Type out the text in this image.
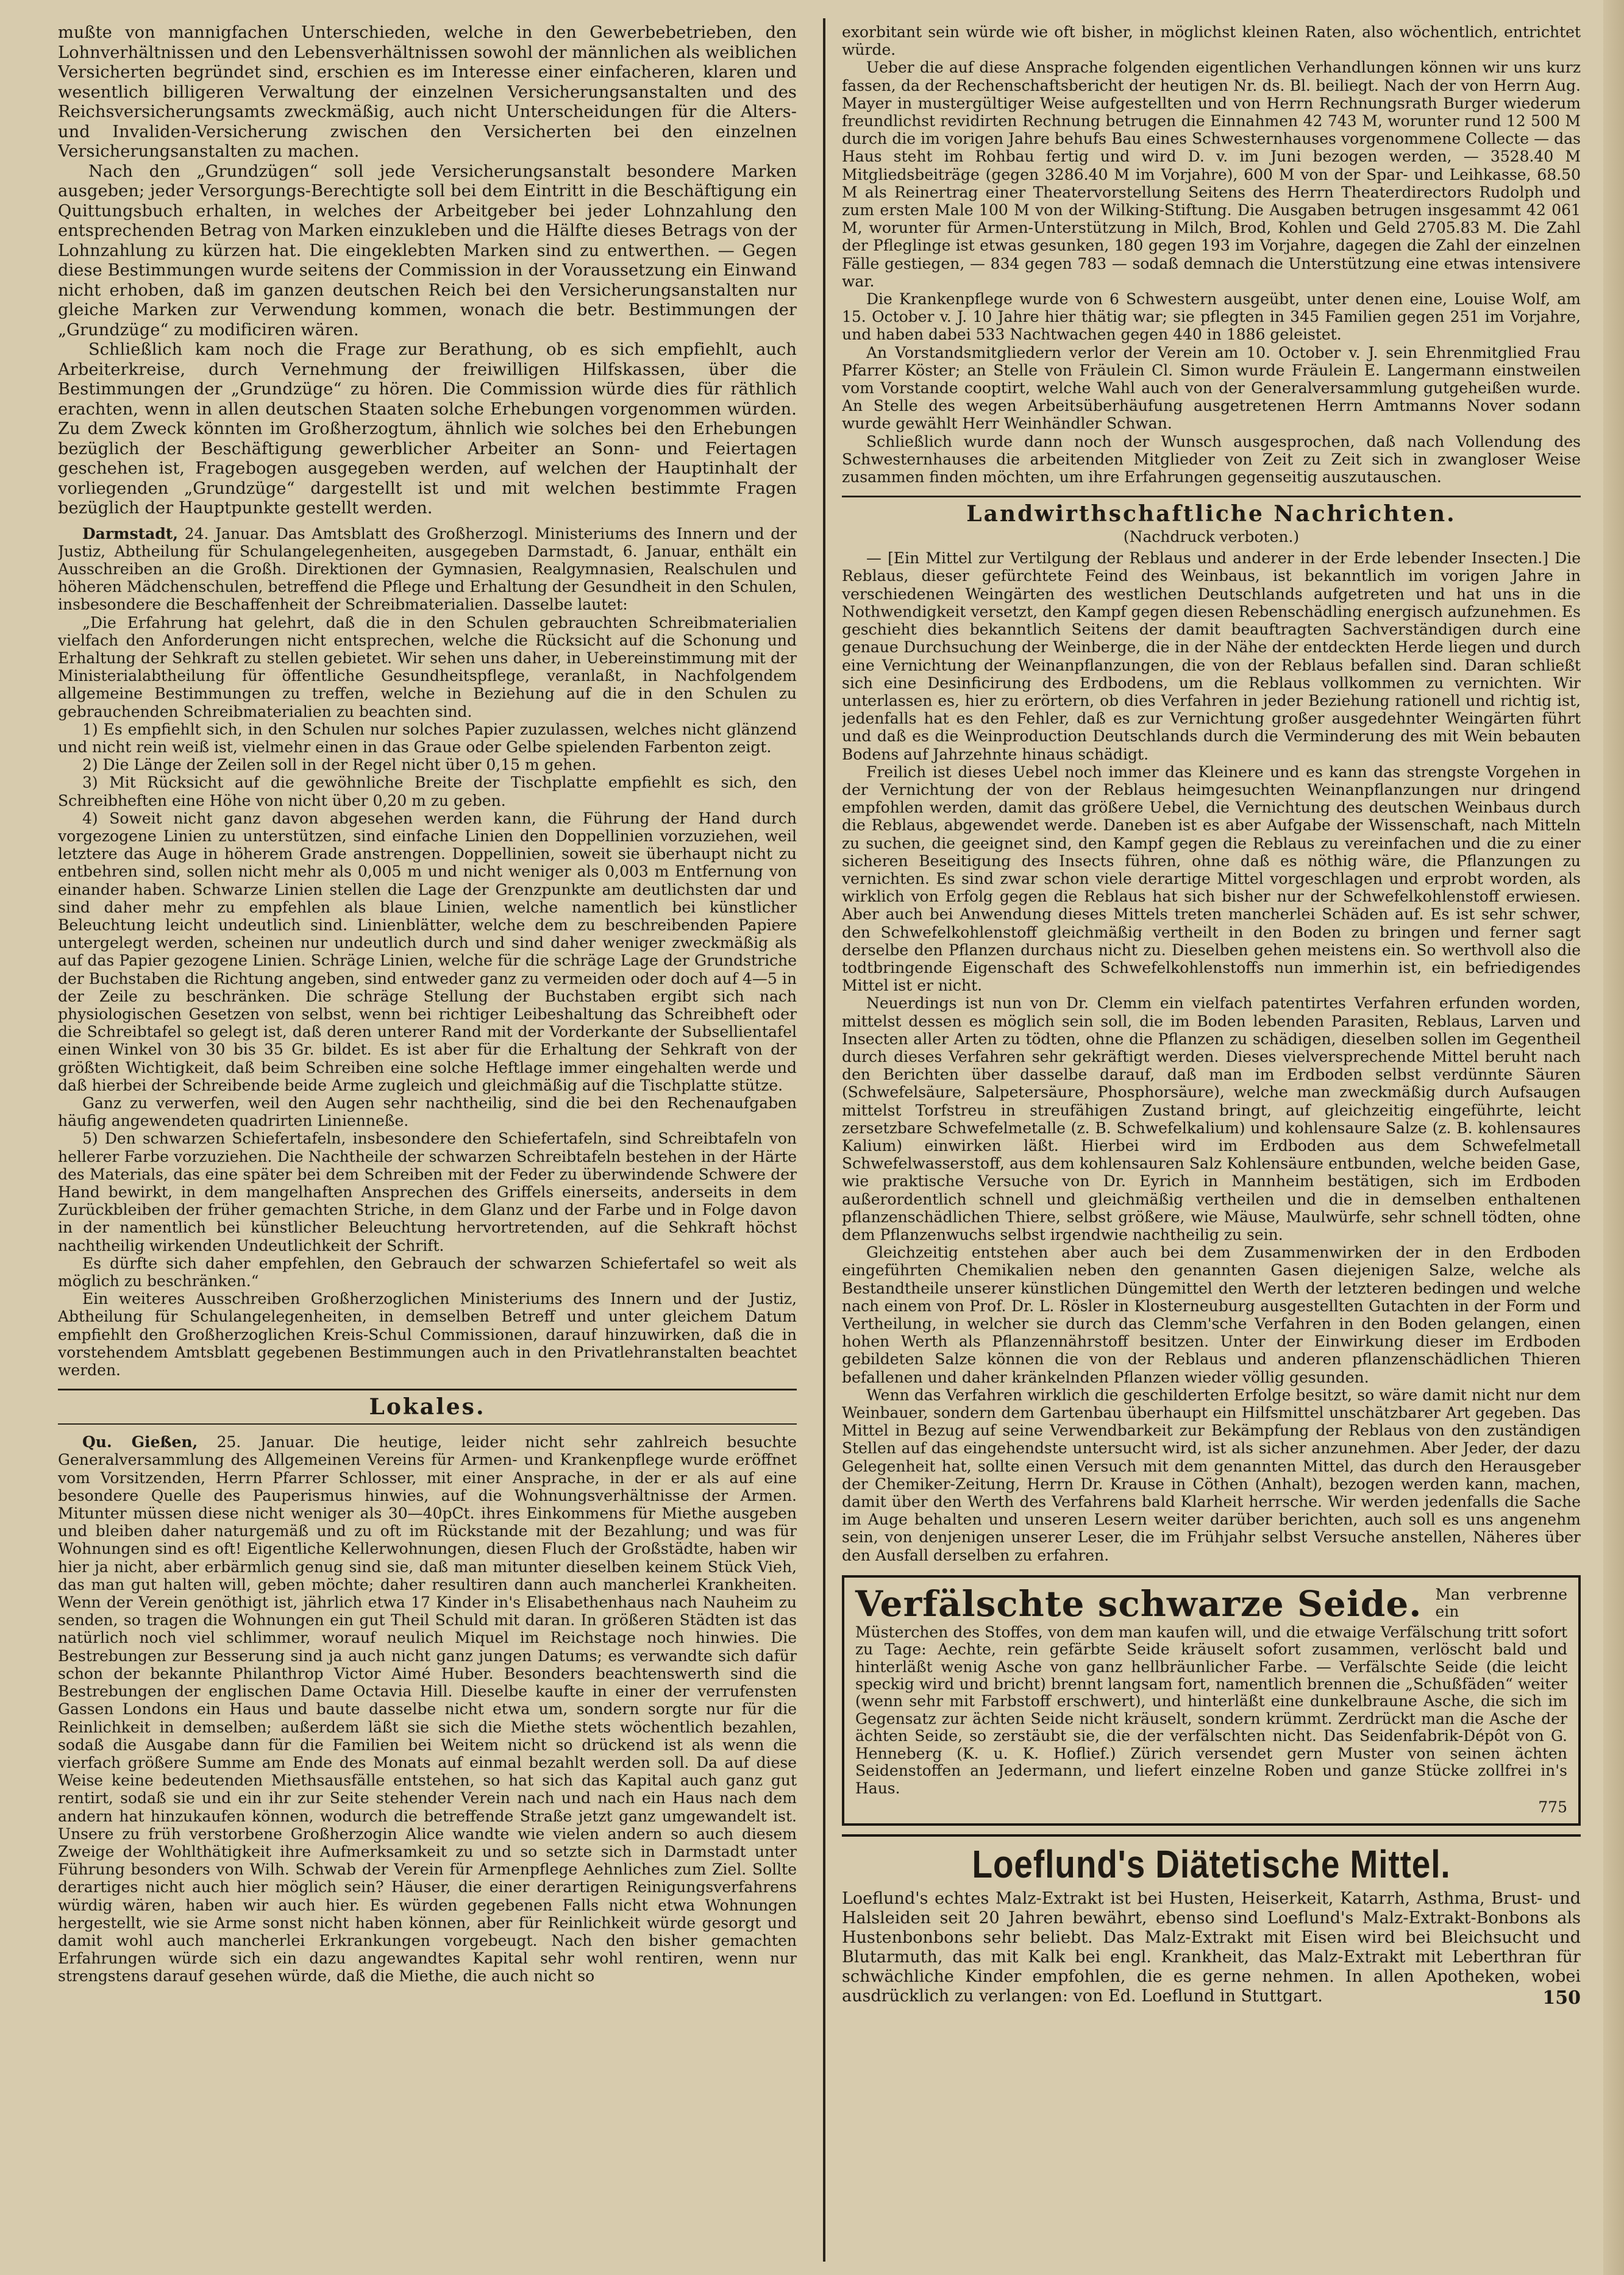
mußte von mannigfachen Unterschieden, welche in den Gewerbebetrieben, den Lohnverhältnissen und den Lebensverhältnissen sowohl der männlichen als weiblichen Versicherten begründet sind, erschien es im Interesse einer einfacheren, klaren und wesentlich billigeren Verwaltung der einzelnen Versicherungsanstalten und des Reichsversicherungsamts zweckmäßig, auch nicht Unterscheidungen für die Alters- und Invaliden-Versicherung zwischen den Versicherten bei den einzelnen Versicherungsanstalten zu machen.

Nach den „Grundzügen“ soll jede Versicherungsanstalt besondere Marken ausgeben; jeder Versorgungs-Berechtigte soll bei dem Eintritt in die Beschäftigung ein Quittungsbuch erhalten, in welches der Arbeitgeber bei jeder Lohnzahlung den entsprechenden Betrag von Marken einzukleben und die Hälfte dieses Betrags von der Lohnzahlung zu kürzen hat. Die eingeklebten Marken sind zu entwerthen. — Gegen diese Bestimmungen wurde seitens der Commission in der Voraussetzung ein Einwand nicht erhoben, daß im ganzen deutschen Reich bei den Versicherungsanstalten nur gleiche Marken zur Verwendung kommen, wonach die betr. Bestimmungen der „Grundzüge“ zu modificiren wären.

Schließlich kam noch die Frage zur Berathung, ob es sich empfiehlt, auch Arbeiterkreise, durch Vernehmung der freiwilligen Hilfskassen, über die Bestimmungen der „Grundzüge“ zu hören. Die Commission würde dies für räthlich erachten, wenn in allen deutschen Staaten solche Erhebungen vorgenommen würden. Zu dem Zweck könnten im Großherzogtum, ähnlich wie solches bei den Erhebungen bezüglich der Beschäftigung gewerblicher Arbeiter an Sonn- und Feiertagen geschehen ist, Fragebogen ausgegeben werden, auf welchen der Hauptinhalt der vorliegenden „Grundzüge“ dargestellt ist und mit welchen bestimmte Fragen bezüglich der Hauptpunkte gestellt werden.

Darmstadt, 24. Januar. Das Amtsblatt des Großherzogl. Ministeriums des Innern und der Justiz, Abtheilung für Schulangelegenheiten, ausgegeben Darmstadt, 6. Januar, enthält ein Ausschreiben an die Großh. Direktionen der Gymnasien, Realgymnasien, Realschulen und höheren Mädchenschulen, betreffend die Pflege und Erhaltung der Gesundheit in den Schulen, insbesondere die Beschaffenheit der Schreibmaterialien. Dasselbe lautet:

„Die Erfahrung hat gelehrt, daß die in den Schulen gebrauchten Schreibmaterialien vielfach den Anforderungen nicht entsprechen, welche die Rücksicht auf die Schonung und Erhaltung der Sehkraft zu stellen gebietet. Wir sehen uns daher, in Uebereinstimmung mit der Ministerialabtheilung für öffentliche Gesundheitspflege, veranlaßt, in Nachfolgendem allgemeine Bestimmungen zu treffen, welche in Beziehung auf die in den Schulen zu gebrauchenden Schreibmaterialien zu beachten sind.

1) Es empfiehlt sich, in den Schulen nur solches Papier zuzulassen, welches nicht glänzend und nicht rein weiß ist, vielmehr einen in das Graue oder Gelbe spielenden Farbenton zeigt.

2) Die Länge der Zeilen soll in der Regel nicht über 0,15 m gehen.

3) Mit Rücksicht auf die gewöhnliche Breite der Tischplatte empfiehlt es sich, den Schreibheften eine Höhe von nicht über 0,20 m zu geben.

4) Soweit nicht ganz davon abgesehen werden kann, die Führung der Hand durch vorgezogene Linien zu unterstützen, sind einfache Linien den Doppellinien vorzuziehen, weil letztere das Auge in höherem Grade anstrengen. Doppellinien, soweit sie überhaupt nicht zu entbehren sind, sollen nicht mehr als 0,005 m und nicht weniger als 0,003 m Entfernung von einander haben. Schwarze Linien stellen die Lage der Grenzpunkte am deutlichsten dar und sind daher mehr zu empfehlen als blaue Linien, welche namentlich bei künstlicher Beleuchtung leicht undeutlich sind. Linienblätter, welche dem zu beschreibenden Papiere untergelegt werden, scheinen nur undeutlich durch und sind daher weniger zweckmäßig als auf das Papier gezogene Linien. Schräge Linien, welche für die schräge Lage der Grundstriche der Buchstaben die Richtung angeben, sind entweder ganz zu vermeiden oder doch auf 4—5 in der Zeile zu beschränken. Die schräge Stellung der Buchstaben ergibt sich nach physiologischen Gesetzen von selbst, wenn bei richtiger Leibeshaltung das Schreibheft oder die Schreibtafel so gelegt ist, daß deren unterer Rand mit der Vorderkante der Subsellientafel einen Winkel von 30 bis 35 Gr. bildet. Es ist aber für die Erhaltung der Sehkraft von der größten Wichtigkeit, daß beim Schreiben eine solche Heftlage immer eingehalten werde und daß hierbei der Schreibende beide Arme zugleich und gleichmäßig auf die Tischplatte stütze.

Ganz zu verwerfen, weil den Augen sehr nachtheilig, sind die bei den Rechenaufgaben häufig angewendeten quadrirten Linienneße.

5) Den schwarzen Schiefertafeln, insbesondere den Schiefertafeln, sind Schreibtafeln von hellerer Farbe vorzuziehen. Die Nachtheile der schwarzen Schreibtafeln bestehen in der Härte des Materials, das eine später bei dem Schreiben mit der Feder zu überwindende Schwere der Hand bewirkt, in dem mangelhaften Ansprechen des Griffels einerseits, anderseits in dem Zurückbleiben der früher gemachten Striche, in dem Glanz und der Farbe und in Folge davon in der namentlich bei künstlicher Beleuchtung hervortretenden, auf die Sehkraft höchst nachtheilig wirkenden Undeutlichkeit der Schrift.

Es dürfte sich daher empfehlen, den Gebrauch der schwarzen Schiefertafel so weit als möglich zu beschränken.“

Ein weiteres Ausschreiben Großherzoglichen Ministeriums des Innern und der Justiz, Abtheilung für Schulangelegenheiten, in demselben Betreff und unter gleichem Datum empfiehlt den Großherzoglichen Kreis-Schul Commissionen, darauf hinzuwirken, daß die in vorstehendem Amtsblatt gegebenen Bestimmungen auch in den Privatlehranstalten beachtet werden.

Lokales.

Qu. Gießen, 25. Januar. Die heutige, leider nicht sehr zahlreich besuchte Generalversammlung des Allgemeinen Vereins für Armen- und Krankenpflege wurde eröffnet vom Vorsitzenden, Herrn Pfarrer Schlosser, mit einer Ansprache, in der er als auf eine besondere Quelle des Pauperismus hinwies, auf die Wohnungsverhältnisse der Armen. Mitunter müssen diese nicht weniger als 30—40pCt. ihres Einkommens für Miethe ausgeben und bleiben daher naturgemäß und zu oft im Rückstande mit der Bezahlung; und was für Wohnungen sind es oft! Eigentliche Kellerwohnungen, diesen Fluch der Großstädte, haben wir hier ja nicht, aber erbärmlich genug sind sie, daß man mitunter dieselben keinem Stück Vieh, das man gut halten will, geben möchte; daher resultiren dann auch mancherlei Krankheiten. Wenn der Verein genöthigt ist, jährlich etwa 17 Kinder in's Elisabethenhaus nach Nauheim zu senden, so tragen die Wohnungen ein gut Theil Schuld mit daran. In größeren Städten ist das natürlich noch viel schlimmer, worauf neulich Miquel im Reichstage noch hinwies. Die Bestrebungen zur Besserung sind ja auch nicht ganz jungen Datums; es verwandte sich dafür schon der bekannte Philanthrop Victor Aimé Huber. Besonders beachtenswerth sind die Bestrebungen der englischen Dame Octavia Hill. Dieselbe kaufte in einer der verrufensten Gassen Londons ein Haus und baute dasselbe nicht etwa um, sondern sorgte nur für die Reinlichkeit in demselben; außerdem läßt sie sich die Miethe stets wöchentlich bezahlen, sodaß die Ausgabe dann für die Familien bei Weitem nicht so drückend ist als wenn die vierfach größere Summe am Ende des Monats auf einmal bezahlt werden soll. Da auf diese Weise keine bedeutenden Miethsausfälle entstehen, so hat sich das Kapital auch ganz gut rentirt, sodaß sie und ein ihr zur Seite stehender Verein nach und nach ein Haus nach dem andern hat hinzukaufen können, wodurch die betreffende Straße jetzt ganz umgewandelt ist. Unsere zu früh verstorbene Großherzogin Alice wandte wie vielen andern so auch diesem Zweige der Wohlthätigkeit ihre Aufmerksamkeit zu und so setzte sich in Darmstadt unter Führung besonders von Wilh. Schwab der Verein für Armenpflege Aehnliches zum Ziel. Sollte derartiges nicht auch hier möglich sein? Häuser, die einer derartigen Reinigungsverfahrens würdig wären, haben wir auch hier. Es würden gegebenen Falls nicht etwa Wohnungen hergestellt, wie sie Arme sonst nicht haben können, aber für Reinlichkeit würde gesorgt und damit wohl auch mancherlei Erkrankungen vorgebeugt. Nach den bisher gemachten Erfahrungen würde sich ein dazu angewandtes Kapital sehr wohl rentiren, wenn nur strengstens darauf gesehen würde, daß die Miethe, die auch nicht so

exorbitant sein würde wie oft bisher, in möglichst kleinen Raten, also wöchentlich, entrichtet würde.

Ueber die auf diese Ansprache folgenden eigentlichen Verhandlungen können wir uns kurz fassen, da der Rechenschaftsbericht der heutigen Nr. ds. Bl. beiliegt. Nach der von Herrn Aug. Mayer in mustergültiger Weise aufgestellten und von Herrn Rechnungsrath Burger wiederum freundlichst revidirten Rechnung betrugen die Einnahmen 42 743 M, worunter rund 12 500 M durch die im vorigen Jahre behufs Bau eines Schwesternhauses vorgenommene Collecte — das Haus steht im Rohbau fertig und wird D. v. im Juni bezogen werden, — 3528.40 M Mitgliedsbeiträge (gegen 3286.40 M im Vorjahre), 600 M von der Spar- und Leihkasse, 68.50 M als Reinertrag einer Theatervorstellung Seitens des Herrn Theaterdirectors Rudolph und zum ersten Male 100 M von der Wilking-Stiftung. Die Ausgaben betrugen insgesammt 42 061 M, worunter für Armen-Unterstützung in Milch, Brod, Kohlen und Geld 2705.83 M. Die Zahl der Pfleglinge ist etwas gesunken, 180 gegen 193 im Vorjahre, dagegen die Zahl der einzelnen Fälle gestiegen, — 834 gegen 783 — sodaß demnach die Unterstützung eine etwas intensivere war.

Die Krankenpflege wurde von 6 Schwestern ausgeübt, unter denen eine, Louise Wolf, am 15. October v. J. 10 Jahre hier thätig war; sie pflegten in 345 Familien gegen 251 im Vorjahre, und haben dabei 533 Nachtwachen gegen 440 in 1886 geleistet.

An Vorstandsmitgliedern verlor der Verein am 10. October v. J. sein Ehrenmitglied Frau Pfarrer Köster; an Stelle von Fräulein Cl. Simon wurde Fräulein E. Langermann einstweilen vom Vorstande cooptirt, welche Wahl auch von der Generalversammlung gutgeheißen wurde. An Stelle des wegen Arbeitsüberhäufung ausgetretenen Herrn Amtmanns Nover sodann wurde gewählt Herr Weinhändler Schwan.

Schließlich wurde dann noch der Wunsch ausgesprochen, daß nach Vollendung des Schwesternhauses die arbeitenden Mitglieder von Zeit zu Zeit sich in zwangloser Weise zusammen finden möchten, um ihre Erfahrungen gegenseitig auszutauschen.

Landwirthschaftliche Nachrichten.
(Nachdruck verboten.)

— [Ein Mittel zur Vertilgung der Reblaus und anderer in der Erde lebender Insecten.] Die Reblaus, dieser gefürchtete Feind des Weinbaus, ist bekanntlich im vorigen Jahre in verschiedenen Weingärten des westlichen Deutschlands aufgetreten und hat uns in die Nothwendigkeit versetzt, den Kampf gegen diesen Rebenschädling energisch aufzunehmen. Es geschieht dies bekanntlich Seitens der damit beauftragten Sachverständigen durch eine genaue Durchsuchung der Weinberge, die in der Nähe der entdeckten Herde liegen und durch eine Vernichtung der Weinanpflanzungen, die von der Reblaus befallen sind. Daran schließt sich eine Desinficirung des Erdbodens, um die Reblaus vollkommen zu vernichten. Wir unterlassen es, hier zu erörtern, ob dies Verfahren in jeder Beziehung rationell und richtig ist, jedenfalls hat es den Fehler, daß es zur Vernichtung großer ausgedehnter Weingärten führt und daß es die Weinproduction Deutschlands durch die Verminderung des mit Wein bebauten Bodens auf Jahrzehnte hinaus schädigt.

Freilich ist dieses Uebel noch immer das Kleinere und es kann das strengste Vorgehen in der Vernichtung der von der Reblaus heimgesuchten Weinanpflanzungen nur dringend empfohlen werden, damit das größere Uebel, die Vernichtung des deutschen Weinbaus durch die Reblaus, abgewendet werde. Daneben ist es aber Aufgabe der Wissenschaft, nach Mitteln zu suchen, die geeignet sind, den Kampf gegen die Reblaus zu vereinfachen und die zu einer sicheren Beseitigung des Insects führen, ohne daß es nöthig wäre, die Pflanzungen zu vernichten. Es sind zwar schon viele derartige Mittel vorgeschlagen und erprobt worden, als wirklich von Erfolg gegen die Reblaus hat sich bisher nur der Schwefelkohlenstoff erwiesen. Aber auch bei Anwendung dieses Mittels treten mancherlei Schäden auf. Es ist sehr schwer, den Schwefelkohlenstoff gleichmäßig vertheilt in den Boden zu bringen und ferner sagt derselbe den Pflanzen durchaus nicht zu. Dieselben gehen meistens ein. So werthvoll also die todtbringende Eigenschaft des Schwefelkohlenstoffs nun immerhin ist, ein befriedigendes Mittel ist er nicht.

Neuerdings ist nun von Dr. Clemm ein vielfach patentirtes Verfahren erfunden worden, mittelst dessen es möglich sein soll, die im Boden lebenden Parasiten, Reblaus, Larven und Insecten aller Arten zu tödten, ohne die Pflanzen zu schädigen, dieselben sollen im Gegentheil durch dieses Verfahren sehr gekräftigt werden. Dieses vielversprechende Mittel beruht nach den Berichten über dasselbe darauf, daß man im Erdboden selbst verdünnte Säuren (Schwefelsäure, Salpetersäure, Phosphorsäure), welche man zweckmäßig durch Aufsaugen mittelst Torfstreu in streufähigen Zustand bringt, auf gleichzeitig eingeführte, leicht zersetzbare Schwefelmetalle (z. B. Schwefelkalium) und kohlensaure Salze (z. B. kohlensaures Kalium) einwirken läßt. Hierbei wird im Erdboden aus dem Schwefelmetall Schwefelwasserstoff, aus dem kohlensauren Salz Kohlensäure entbunden, welche beiden Gase, wie praktische Versuche von Dr. Eyrich in Mannheim bestätigen, sich im Erdboden außerordentlich schnell und gleichmäßig vertheilen und die in demselben enthaltenen pflanzenschädlichen Thiere, selbst größere, wie Mäuse, Maulwürfe, sehr schnell tödten, ohne dem Pflanzenwuchs selbst irgendwie nachtheilig zu sein.

Gleichzeitig entstehen aber auch bei dem Zusammenwirken der in den Erdboden eingeführten Chemikalien neben den genannten Gasen diejenigen Salze, welche als Bestandtheile unserer künstlichen Düngemittel den Werth der letzteren bedingen und welche nach einem von Prof. Dr. L. Rösler in Klosterneuburg ausgestellten Gutachten in der Form und Vertheilung, in welcher sie durch das Clemm'sche Verfahren in den Boden gelangen, einen hohen Werth als Pflanzennährstoff besitzen. Unter der Einwirkung dieser im Erdboden gebildeten Salze können die von der Reblaus und anderen pflanzenschädlichen Thieren befallenen und daher kränkelnden Pflanzen wieder völlig gesunden.

Wenn das Verfahren wirklich die geschilderten Erfolge besitzt, so wäre damit nicht nur dem Weinbauer, sondern dem Gartenbau überhaupt ein Hilfsmittel unschätzbarer Art gegeben. Das Mittel in Bezug auf seine Verwendbarkeit zur Bekämpfung der Reblaus von den zuständigen Stellen auf das eingehendste untersucht wird, ist als sicher anzunehmen. Aber Jeder, der dazu Gelegenheit hat, sollte einen Versuch mit dem genannten Mittel, das durch den Herausgeber der Chemiker-Zeitung, Herrn Dr. Krause in Cöthen (Anhalt), bezogen werden kann, machen, damit über den Werth des Verfahrens bald Klarheit herrsche. Wir werden jedenfalls die Sache im Auge behalten und unseren Lesern weiter darüber berichten, auch soll es uns angenehm sein, von denjenigen unserer Leser, die im Frühjahr selbst Versuche anstellen, Näheres über den Ausfall derselben zu erfahren.

Verfälschte schwarze Seide. Man verbrenne ein
Müsterchen des Stoffes, von dem man kaufen will, und die etwaige Verfälschung tritt sofort zu Tage: Aechte, rein gefärbte Seide kräuselt sofort zusammen, verlöscht bald und hinterläßt wenig Asche von ganz hellbräunlicher Farbe. — Verfälschte Seide (die leicht speckig wird und bricht) brennt langsam fort, namentlich brennen die „Schußfäden“ weiter (wenn sehr mit Farbstoff erschwert), und hinterläßt eine dunkelbraune Asche, die sich im Gegensatz zur ächten Seide nicht kräuselt, sondern krümmt. Zerdrückt man die Asche der ächten Seide, so zerstäubt sie, die der verfälschten nicht. Das Seidenfabrik-Dépôt von G. Henneberg (K. u. K. Hoflief.) Zürich versendet gern Muster von seinen ächten Seidenstoffen an Jedermann, und liefert einzelne Roben und ganze Stücke zollfrei in's Haus.
775
Loeflund's Diätetische Mittel.
Loeflund's echtes Malz-Extrakt ist bei Husten, Heiserkeit, Katarrh, Asthma, Brust- und Halsleiden seit 20 Jahren bewährt, ebenso sind Loeflund's Malz-Extrakt-Bonbons als Hustenbonbons sehr beliebt. Das Malz-Extrakt mit Eisen wird bei Bleichsucht und Blutarmuth, das mit Kalk bei engl. Krankheit, das Malz-Extrakt mit Leberthran für schwächliche Kinder empfohlen, die es gerne nehmen. In allen Apotheken, wobei ausdrücklich zu verlangen: von Ed. Loeflund in Stuttgart.	150
